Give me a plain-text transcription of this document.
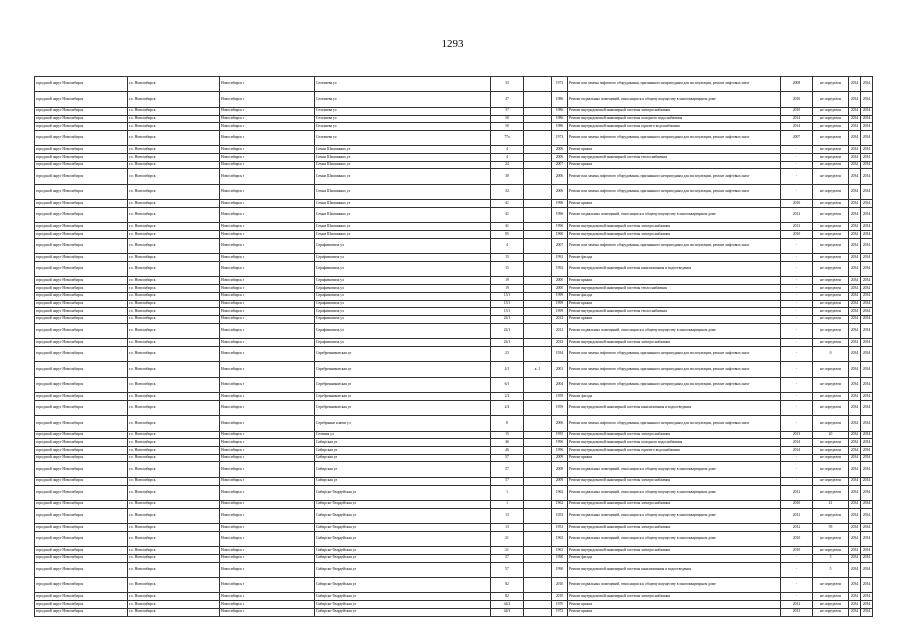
1293
городской округ Новосибирск	г.о. Новосибирск	Новосибирск г	Селезнева ул	33		1973	Ремонт или замена лифтового оборудования, признанного непригодным для эксплуатации, ремонт лифтовых шахт	2008	не определен	2034	2034
городской округ Новосибирск	г.о. Новосибирск	Новосибирск г	Селезнева ул	37		1986	Ремонт подвальных помещений, относящихся к общему имуществу в многоквартирном доме	2010	не определен	2034	2034
городской округ Новосибирск	г.о. Новосибирск	Новосибирск г	Селезнева ул	37		1986	Ремонт внутридомовой инженерной системы электроснабжения	2010	не определен	2034	2034
городской округ Новосибирск	г.о. Новосибирск	Новосибирск г	Селезнева ул	50		1986	Ремонт внутридомовой инженерной системы холодного водоснабжения	2014	не определен	2034	2034
городской округ Новосибирск	г.о. Новосибирск	Новосибирск г	Селезнева ул	50		1986	Ремонт внутридомовой инженерной системы горячего водоснабжения	2014	не определен	2034	2034
городской округ Новосибирск	г.о. Новосибирск	Новосибирск г	Селезнева ул	77а		1973	Ремонт или замена лифтового оборудования, признанного непригодным для эксплуатации, ремонт лифтовых шахт	2007	не определен	2034	2034
городской округ Новосибирск	г.о. Новосибирск	Новосибирск г	Семьи Шамшиных ул	4		2006	Ремонт крыши	-	не определен	2034	2034
городской округ Новосибирск	г.о. Новосибирск	Новосибирск г	Семьи Шамшиных ул	4		2006	Ремонт внутридомовой инженерной системы теплоснабжения	-	не определен	2034	2034
городской округ Новосибирск	г.о. Новосибирск	Новосибирск г	Семьи Шамшиных ул	24		2007	Ремонт крыши	-	не определен	2034	2034
городской округ Новосибирск	г.о. Новосибирск	Новосибирск г	Семьи Шамшиных ул	30		2006	Ремонт или замена лифтового оборудования, признанного непригодным для эксплуатации, ремонт лифтовых шахт	-	не определен	2034	2034
городской округ Новосибирск	г.о. Новосибирск	Новосибирск г	Семьи Шамшиных ул	32		2006	Ремонт или замена лифтового оборудования, признанного непригодным для эксплуатации, ремонт лифтовых шахт	-	не определен	2034	2034
городской округ Новосибирск	г.о. Новосибирск	Новосибирск г	Семьи Шамшиных ул	41		1996	Ремонт крыши	2010	не определен	2034	2034
городской округ Новосибирск	г.о. Новосибирск	Новосибирск г	Семьи Шамшиных ул	41		1996	Ремонт подвальных помещений, относящихся к общему имуществу в многоквартирном доме	2012	не определен	2034	2034
городской округ Новосибирск	г.о. Новосибирск	Новосибирск г	Семьи Шамшиных ул	41		1996	Ремонт внутридомовой инженерной системы электроснабжения	2012	не определен	2034	2034
городской округ Новосибирск	г.о. Новосибирск	Новосибирск г	Семьи Шамшиных ул	85		1960	Ремонт внутридомовой инженерной системы электроснабжения	2010	не определен	2034	2034
городской округ Новосибирск	г.о. Новосибирск	Новосибирск г	Серафимовича ул	4		2007	Ремонт или замена лифтового оборудования, признанного непригодным для эксплуатации, ремонт лифтовых шахт	-	не определен	2034	2034
городской округ Новосибирск	г.о. Новосибирск	Новосибирск г	Серафимовича ул	15		1992	Ремонт фасада	-	не определен	2034	2034
городской округ Новосибирск	г.о. Новосибирск	Новосибирск г	Серафимовича ул	15		1992	Ремонт внутридомовой инженерной системы канализования и водоотведения	-	не определен	2034	2034
городской округ Новосибирск	г.о. Новосибирск	Новосибирск г	Серафимовича ул	19		2000	Ремонт крыши	-	не определен	2034	2034
городской округ Новосибирск	г.о. Новосибирск	Новосибирск г	Серафимовича ул	19		2000	Ремонт внутридомовой инженерной системы теплоснабжения	-	не определен	2034	2034
городской округ Новосибирск	г.о. Новосибирск	Новосибирск г	Серафимовича ул	15/1		1999	Ремонт фасада	-	не определен	2034	2034
городской округ Новосибирск	г.о. Новосибирск	Новосибирск г	Серафимовича ул	15/1		1999	Ремонт крыши	-	не определен	2034	2034
городской округ Новосибирск	г.о. Новосибирск	Новосибирск г	Серафимовича ул	15/1		1999	Ремонт внутридомовой инженерной системы теплоснабжения	-	не определен	2034	2034
городской округ Новосибирск	г.о. Новосибирск	Новосибирск г	Серафимовича ул	24/1		2012	Ремонт крыши	-	не определен	2034	2034
городской округ Новосибирск	г.о. Новосибирск	Новосибирск г	Серафимовича ул	24/1		2012	Ремонт подвальных помещений, относящихся к общему имуществу в многоквартирном доме	-	не определен	2034	2034
городской округ Новосибирск	г.о. Новосибирск	Новосибирск г	Серафимовича ул	24/1		2012	Ремонт внутридомовой инженерной системы электроснабжения	-	не определен	2034	2034
городской округ Новосибирск	г.о. Новосибирск	Новосибирск г	Серебренниковская ул	23		1934	Ремонт или замена лифтового оборудования, признанного непригодным для эксплуатации, ремонт лифтовых шахт	-	0	2034	2034
городской округ Новосибирск	г.о. Новосибирск	Новосибирск г	Серебренниковская ул	4/1	к. 1	2001	Ремонт или замена лифтового оборудования, признанного непригодным для эксплуатации, ремонт лифтовых шахт	-	не определен	2034	2034
городской округ Новосибирск	г.о. Новосибирск	Новосибирск г	Серебренниковская ул	6/1		2004	Ремонт или замена лифтового оборудования, признанного непригодным для эксплуатации, ремонт лифтовых шахт	-	не определен	2034	2034
городской округ Новосибирск	г.о. Новосибирск	Новосибирск г	Серебренниковская ул	2/2		1959	Ремонт фасада	-	не определен	2034	2034
городской округ Новосибирск	г.о. Новосибирск	Новосибирск г	Серебренниковская ул	2/2		1959	Ремонт внутридомовой инженерной системы канализования и водоотведения	-	не определен	2034	2034
городской округ Новосибирск	г.о. Новосибирск	Новосибирск г	Серебряные ключи ул	8		2006	Ремонт или замена лифтового оборудования, признанного непригодным для эксплуатации, ремонт лифтовых шахт	-	не определен	2034	2034
городской округ Новосибирск	г.о. Новосибирск	Новосибирск г	Сечения ул	15		1955	Ремонт внутридомовой инженерной системы электроснабжения	2013	20	2034	2034
городской округ Новосибирск	г.о. Новосибирск	Новосибирск г	Сибирская ул	46		1996	Ремонт внутридомовой инженерной системы холодного водоснабжения	2014	не определен	2034	2034
городской округ Новосибирск	г.о. Новосибирск	Новосибирск г	Сибирская ул	46		1996	Ремонт внутридомовой инженерной системы горячего водоснабжения	2014	не определен	2034	2034
городской округ Новосибирск	г.о. Новосибирск	Новосибирск г	Сибирская ул	57		2009	Ремонт крыши	-	не определен	2034	2034
городской округ Новосибирск	г.о. Новосибирск	Новосибирск г	Сибирская ул	57		2009	Ремонт подвальных помещений, относящихся к общему имуществу в многоквартирном доме	-	не определен	2034	2034
городской округ Новосибирск	г.о. Новосибирск	Новосибирск г	Сибирская ул	57		2009	Ремонт внутридомовой инженерной системы электроснабжения	-	не определен	2034	2034
городской округ Новосибирск	г.о. Новосибирск	Новосибирск г	Сибирско-Гвардейская ул	1		1962	Ремонт подвальных помещений, относящихся к общему имуществу в многоквартирном доме	2012	не определен	2034	2034
городской округ Новосибирск	г.о. Новосибирск	Новосибирск г	Сибирско-Гвардейская ул	1		1962	Ремонт внутридомовой инженерной системы электроснабжения	2010	41	2034	2034
городской округ Новосибирск	г.о. Новосибирск	Новосибирск г	Сибирско-Гвардейская ул	13		1953	Ремонт подвальных помещений, относящихся к общему имуществу в многоквартирном доме	2012	не определен	2034	2034
городской округ Новосибирск	г.о. Новосибирск	Новосибирск г	Сибирско-Гвардейская ул	13		1953	Ремонт внутридомовой инженерной системы электроснабжения	2012	59	2034	2034
городской округ Новосибирск	г.о. Новосибирск	Новосибирск г	Сибирско-Гвардейская ул	21		1963	Ремонт подвальных помещений, относящихся к общему имуществу в многоквартирном доме	2010	не определен	2034	2034
городской округ Новосибирск	г.о. Новосибирск	Новосибирск г	Сибирско-Гвардейская ул	21		1963	Ремонт внутридомовой инженерной системы электроснабжения	2010	не определен	2034	2034
городской округ Новосибирск	г.о. Новосибирск	Новосибирск г	Сибирско-Гвардейская ул	57		1990	Ремонт фасада	-	5	2034	2034
городской округ Новосибирск	г.о. Новосибирск	Новосибирск г	Сибирско-Гвардейская ул	57		1990	Ремонт внутридомовой инженерной системы канализования и водоотведения	-	5	2034	2034
городской округ Новосибирск	г.о. Новосибирск	Новосибирск г	Сибирско-Гвардейская ул	82		2010	Ремонт подвальных помещений, относящихся к общему имуществу в многоквартирном доме	-	не определен	2034	2034
городской округ Новосибирск	г.о. Новосибирск	Новосибирск г	Сибирско-Гвардейская ул	82		2010	Ремонт внутридомовой инженерной системы электроснабжения	-	не определен	2034	2034
городской округ Новосибирск	г.о. Новосибирск	Новосибирск г	Сибирско-Гвардейская ул	44/2		1970	Ремонт крыши	2012	не определен	2034	2034
городской округ Новосибирск	г.о. Новосибирск	Новосибирск г	Сибирско-Гвардейская ул	44/3		1972	Ремонт крыши	2013	не определен	2034	2034
